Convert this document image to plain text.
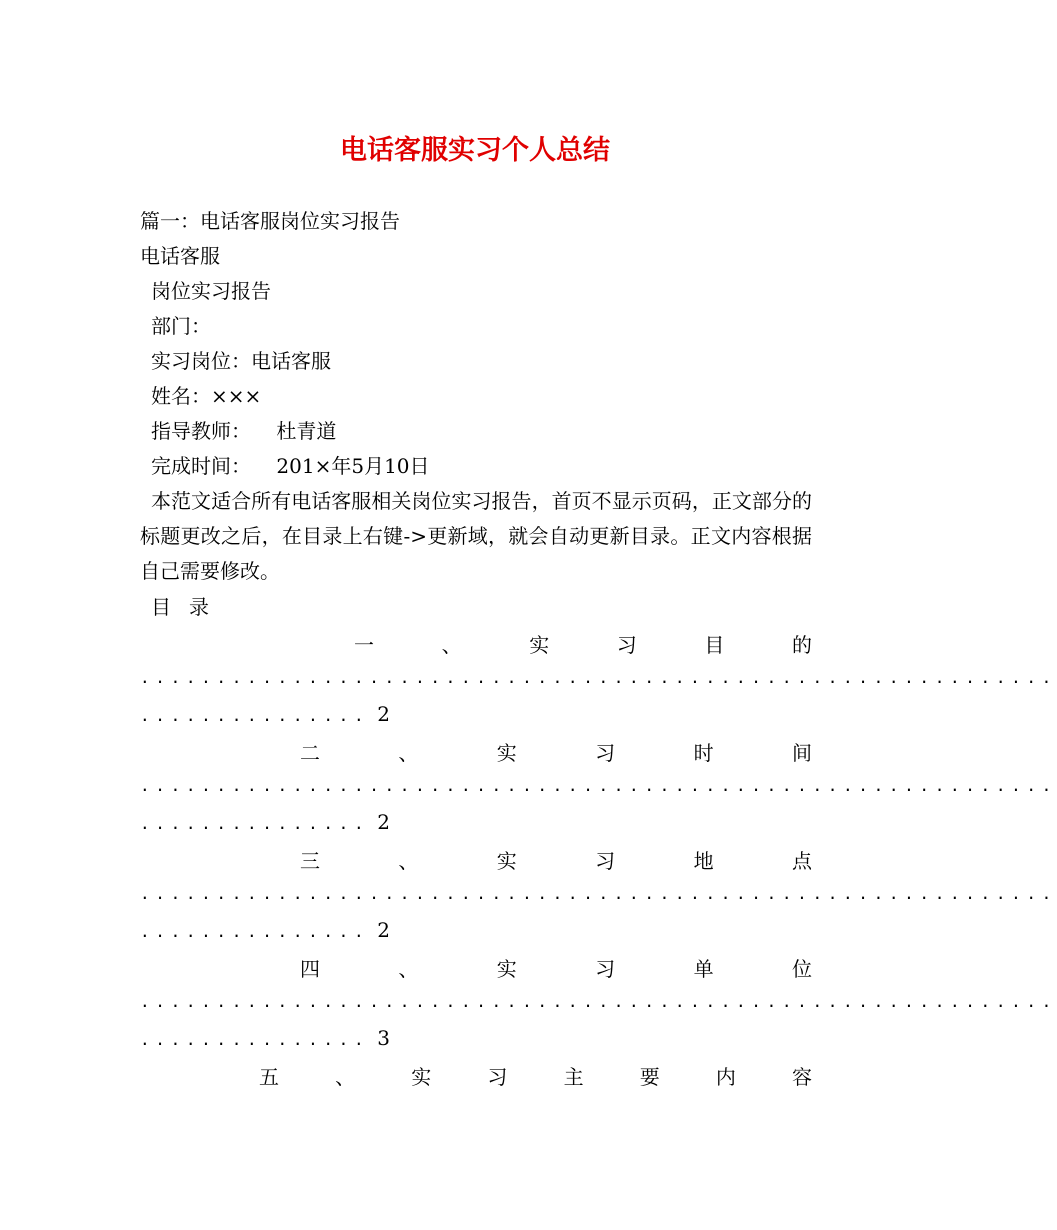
电话客服实习个人总结
篇一：电话客服岗位实习报告
电话客服
岗位实习报告
部门：
实习岗位：电话客服
姓名：×××
指导教师：    杜青道
完成时间：    201×年5月10日
本范文适合所有电话客服相关岗位实习报告，首页不显示页码，正文部分的标题更改之后，在目录上右键->更新域，就会自动更新目录。正文内容根据自己需要修改。
目 录
一	、	实	习	目	的
............................................................
............... 2
二	、	实	习	时	间
............................................................
............... 2
三	、	实	习	地	点
............................................................
............... 2
四	、	实	习	单	位
............................................................
............... 3
五	、	实	习	主	要	内	容
